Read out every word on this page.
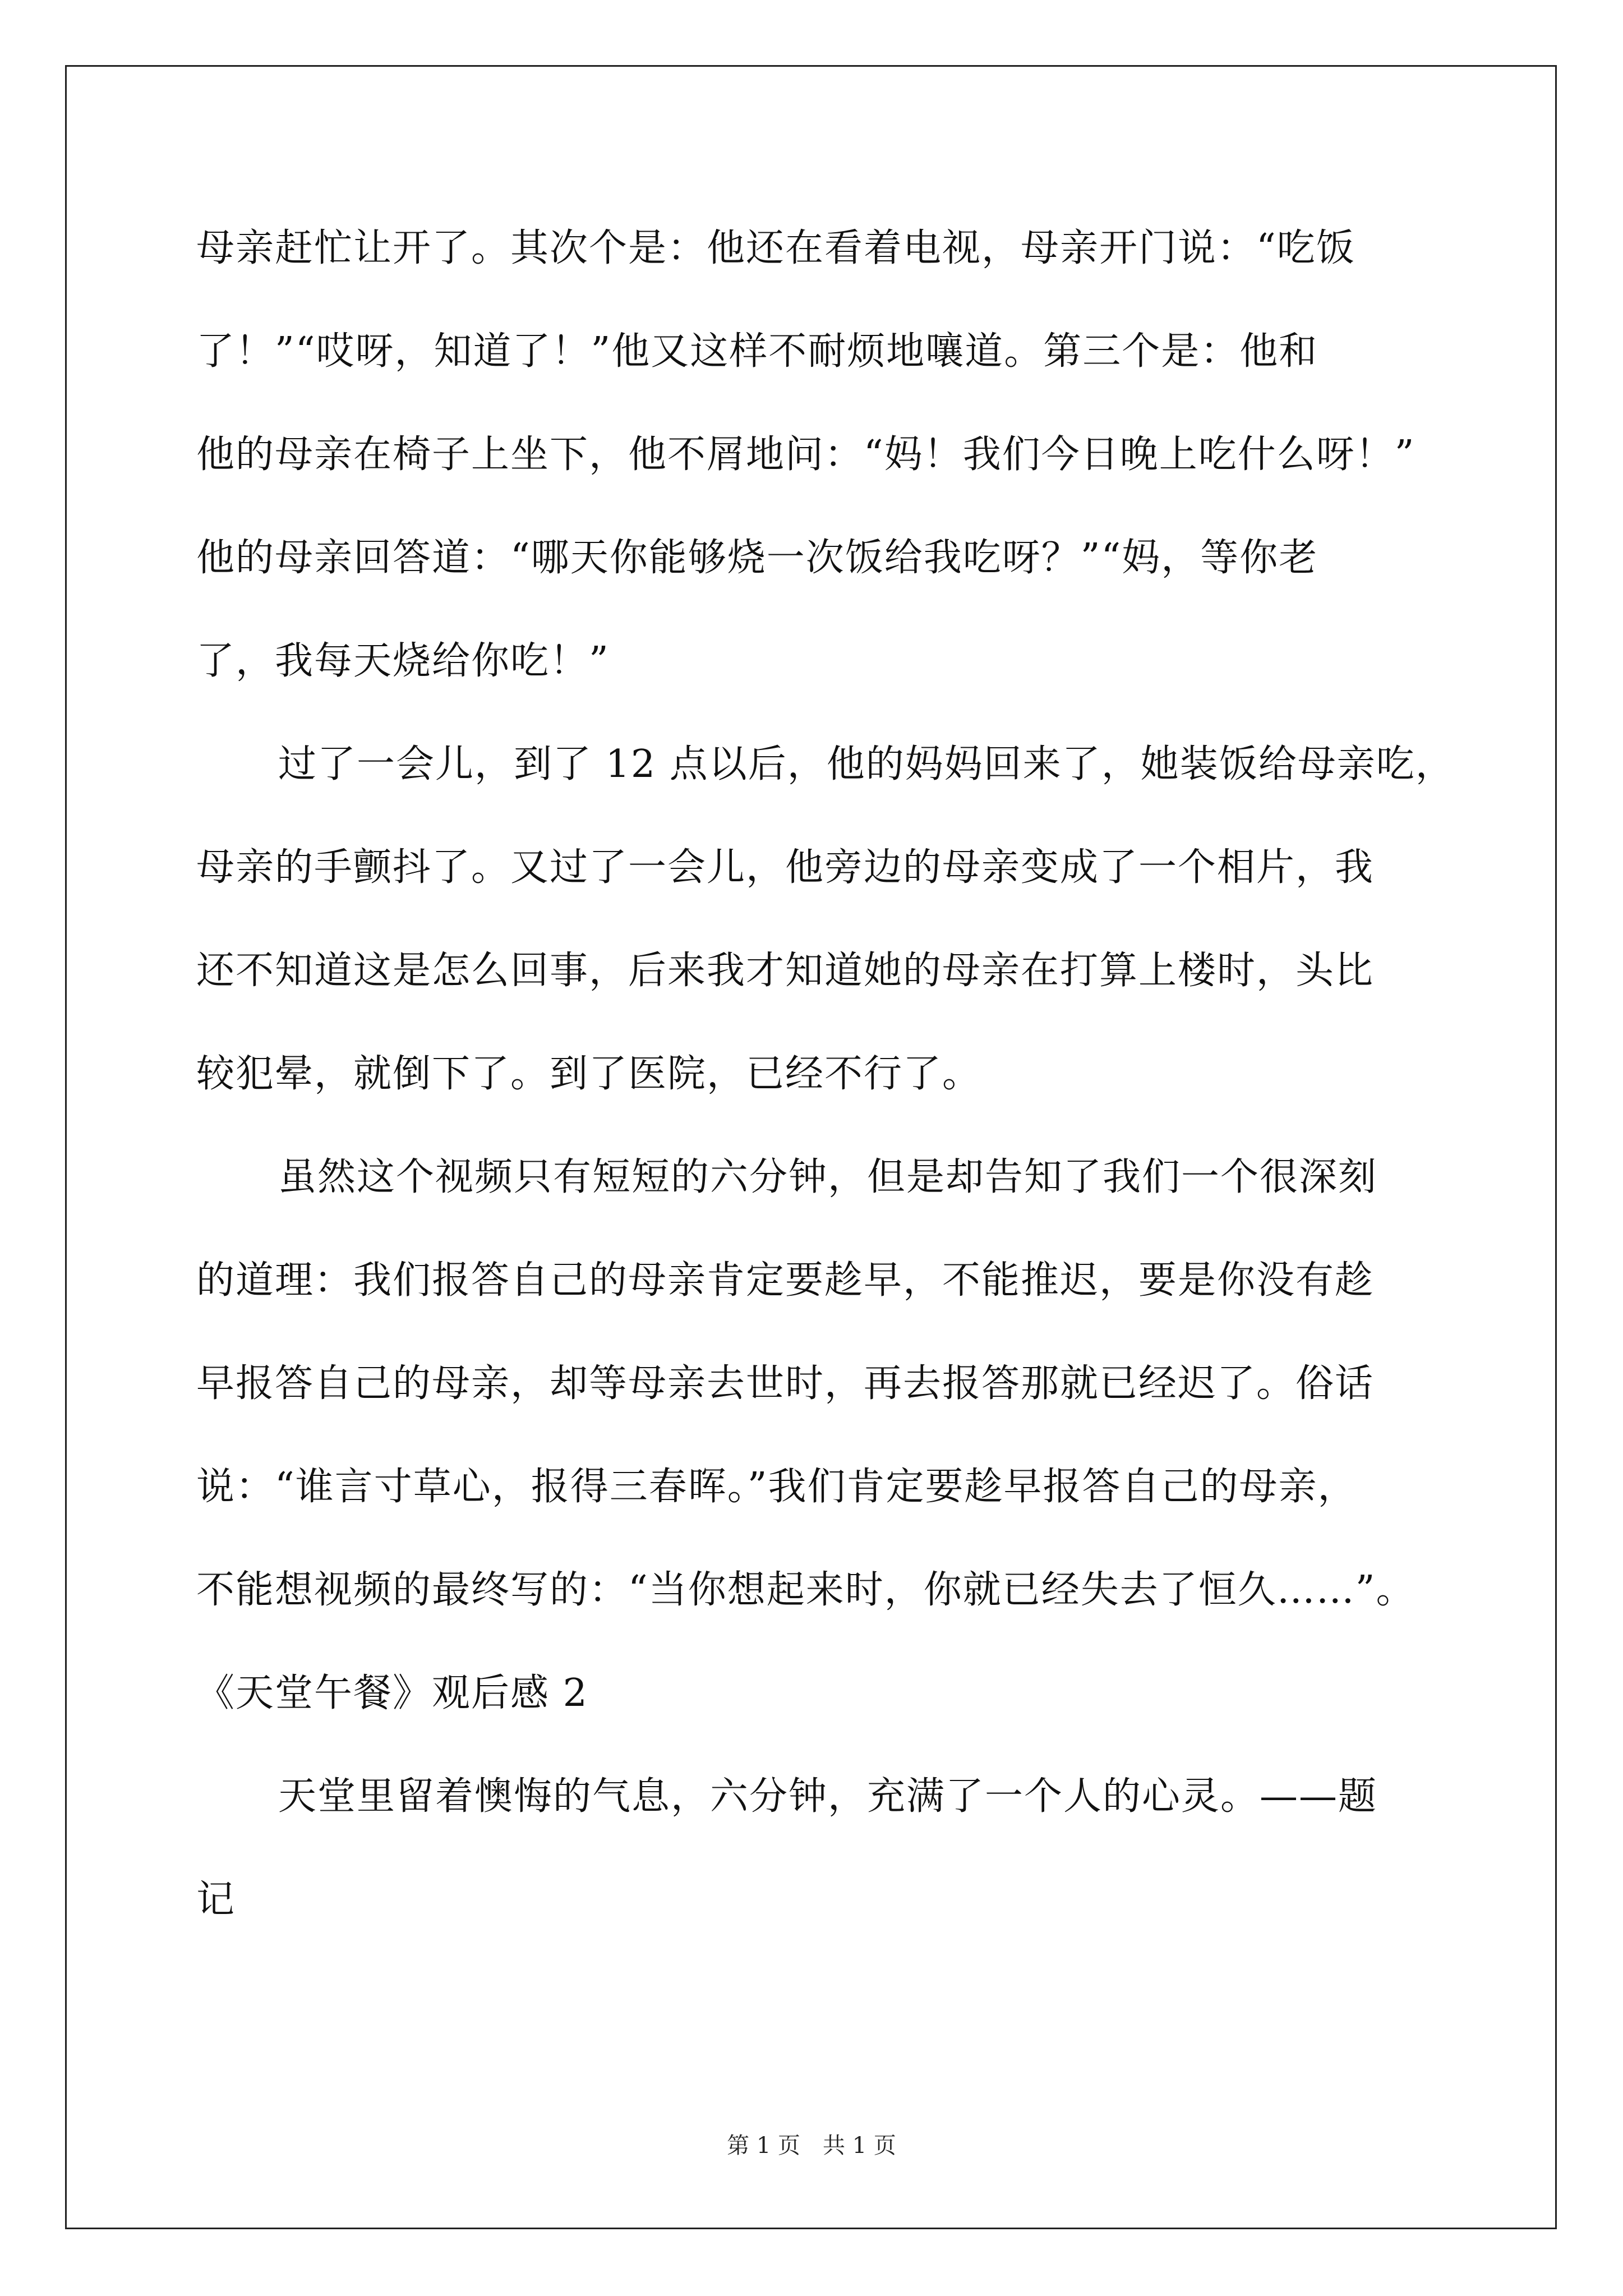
母亲赶忙让开了。其次个是：他还在看着电视，母亲开门说：“吃饭
了！”“哎呀，知道了！”他又这样不耐烦地嚷道。第三个是：他和
他的母亲在椅子上坐下，他不屑地问：“妈！我们今日晚上吃什么呀！”
他的母亲回答道：“哪天你能够烧一次饭给我吃呀？”“妈，等你老
了，我每天烧给你吃！”
过了一会儿，到了 12 点以后，他的妈妈回来了，她装饭给母亲吃，
母亲的手颤抖了。又过了一会儿，他旁边的母亲变成了一个相片，我
还不知道这是怎么回事，后来我才知道她的母亲在打算上楼时，头比
较犯晕，就倒下了。到了医院，已经不行了。
虽然这个视频只有短短的六分钟，但是却告知了我们一个很深刻
的道理：我们报答自己的母亲肯定要趁早，不能推迟，要是你没有趁
早报答自己的母亲，却等母亲去世时，再去报答那就已经迟了。俗话
说：“谁言寸草心，报得三春晖。”我们肯定要趁早报答自己的母亲，
不能想视频的最终写的：“当你想起来时，你就已经失去了恒久……”。
《天堂午餐》观后感 2
天堂里留着懊悔的气息，六分钟，充满了一个人的心灵。——题
记
第 1 页　共 1 页
